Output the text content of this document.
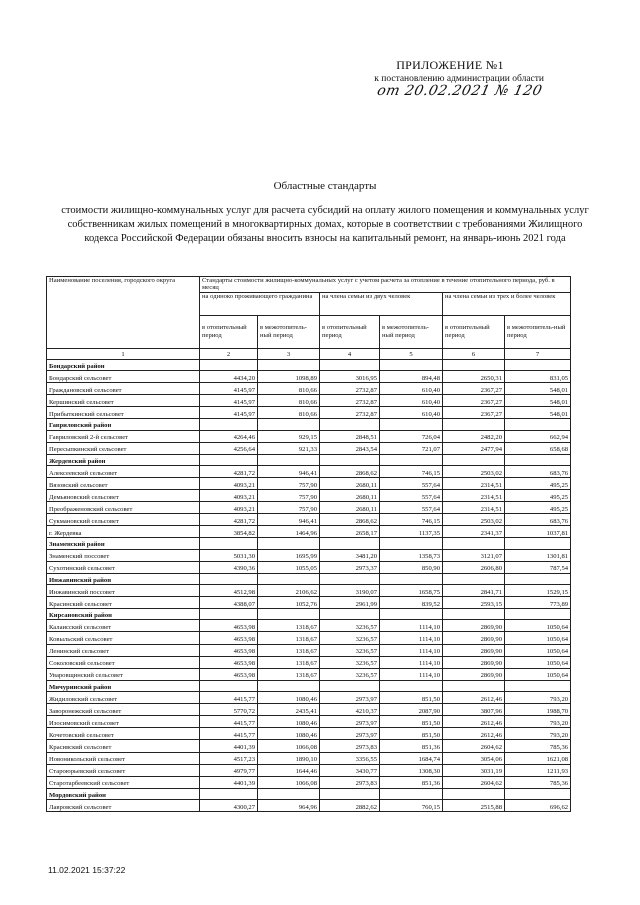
ПРИЛОЖЕНИЕ №1
к постановлению администрации области
от 20.02.2021 № 120
Областные стандарты
стоимости жилищно-коммунальных услуг для расчета субсидий на оплату жилого помещения и коммунальных услуг собственникам жилых помещений в многоквартирных домах, которые в соответствии с требованиями Жилищного кодекса Российской Федерации обязаны вносить взносы на капитальный ремонт, на январь-июнь 2021 года
Наименование поселения, городского округа	Стандарты стоимости жилищно-коммунальных услуг с учетом расчета за отопление в течение отопительного периода, руб. в месяц					
	на одиноко проживающего гражданина		на члена семьи из двух человек		на члена семьи из трех и более человек	
	в отопительный период	в межотопитель-ный период	в отопительный период	в межотопитель-ный период	в отопительный период	в межотопитель-ный период
1	2	3	4	5	6	7
Бондарский район						
Бондарский сельсовет	4434,20	1098,89	3016,95	894,48	2650,31	831,05
Граждановский сельсовет	4145,97	810,66	2732,87	610,40	2367,27	548,01
Кершинский сельсовет	4145,97	810,66	2732,87	610,40	2367,27	548,01
Прибыткинский сельсовет	4145,97	810,66	2732,87	610,40	2367,27	548,01
Гавриловский район						
Гавриловский 2-й сельсовет	4264,46	929,15	2848,51	726,04	2482,20	662,94
Пересыпкинский сельсовет	4256,64	921,33	2843,54	721,07	2477,94	658,68
Жердевский район						
Алексеевский сельсовет	4281,72	946,41	2868,62	746,15	2503,02	683,76
Вязовский сельсовет	4093,21	757,90	2680,11	557,64	2314,51	495,25
Демьяновский сельсовет	4093,21	757,90	2680,11	557,64	2314,51	495,25
Преображеновский сельсовет	4093,21	757,90	2680,11	557,64	2314,51	495,25
Сукмановский сельсовет	4281,72	946,41	2868,62	746,15	2503,02	683,76
г. Жердевка	3854,82	1464,96	2658,17	1137,35	2341,37	1037,81
Знаменский район						
Знаменский поссовет	5031,30	1695,99	3481,20	1358,73	3121,07	1301,81
Сухотинский сельсовет	4390,36	1055,05	2973,37	850,90	2606,80	787,54
Инжавинский район						
Инжавинский поссовет	4512,98	2106,62	3190,07	1658,75	2841,71	1529,15
Красинский сельсовет	4388,07	1052,76	2961,99	839,52	2593,15	773,89
Кирсановский район						
Калаисский сельсовет	4653,98	1318,67	3236,57	1114,10	2869,90	1050,64
Ковыльский сельсовет	4653,98	1318,67	3236,57	1114,10	2869,90	1050,64
Ленинский сельсовет	4653,98	1318,67	3236,57	1114,10	2869,90	1050,64
Соколовский сельсовет	4653,98	1318,67	3236,57	1114,10	2869,90	1050,64
Уваровщинский сельсовет	4653,98	1318,67	3236,57	1114,10	2869,90	1050,64
Мичуринский район						
Жидиловский сельсовет	4415,77	1080,46	2973,97	851,50	2612,46	793,20
Заворонежский сельсовет	5770,72	2435,41	4210,37	2087,90	3807,96	1988,70
Изосимовский сельсовет	4415,77	1080,46	2973,97	851,50	2612,46	793,20
Кочетовский сельсовет	4415,77	1080,46	2973,97	851,50	2612,46	793,20
Красивский сельсовет	4401,39	1066,08	2973,83	851,36	2604,62	785,36
Новоникольский сельсовет	4517,23	1890,10	3356,55	1684,74	3054,06	1621,08
Староюрьевский сельсовет	4979,77	1644,46	3430,77	1308,30	3031,19	1211,93
Старотарбеевский сельсовет	4401,39	1066,08	2973,83	851,36	2604,62	785,36
Мордовский район						
Лавровский сельсовет	4300,27	964,96	2882,62	760,15	2515,88	696,62
11.02.2021 15:37:22
